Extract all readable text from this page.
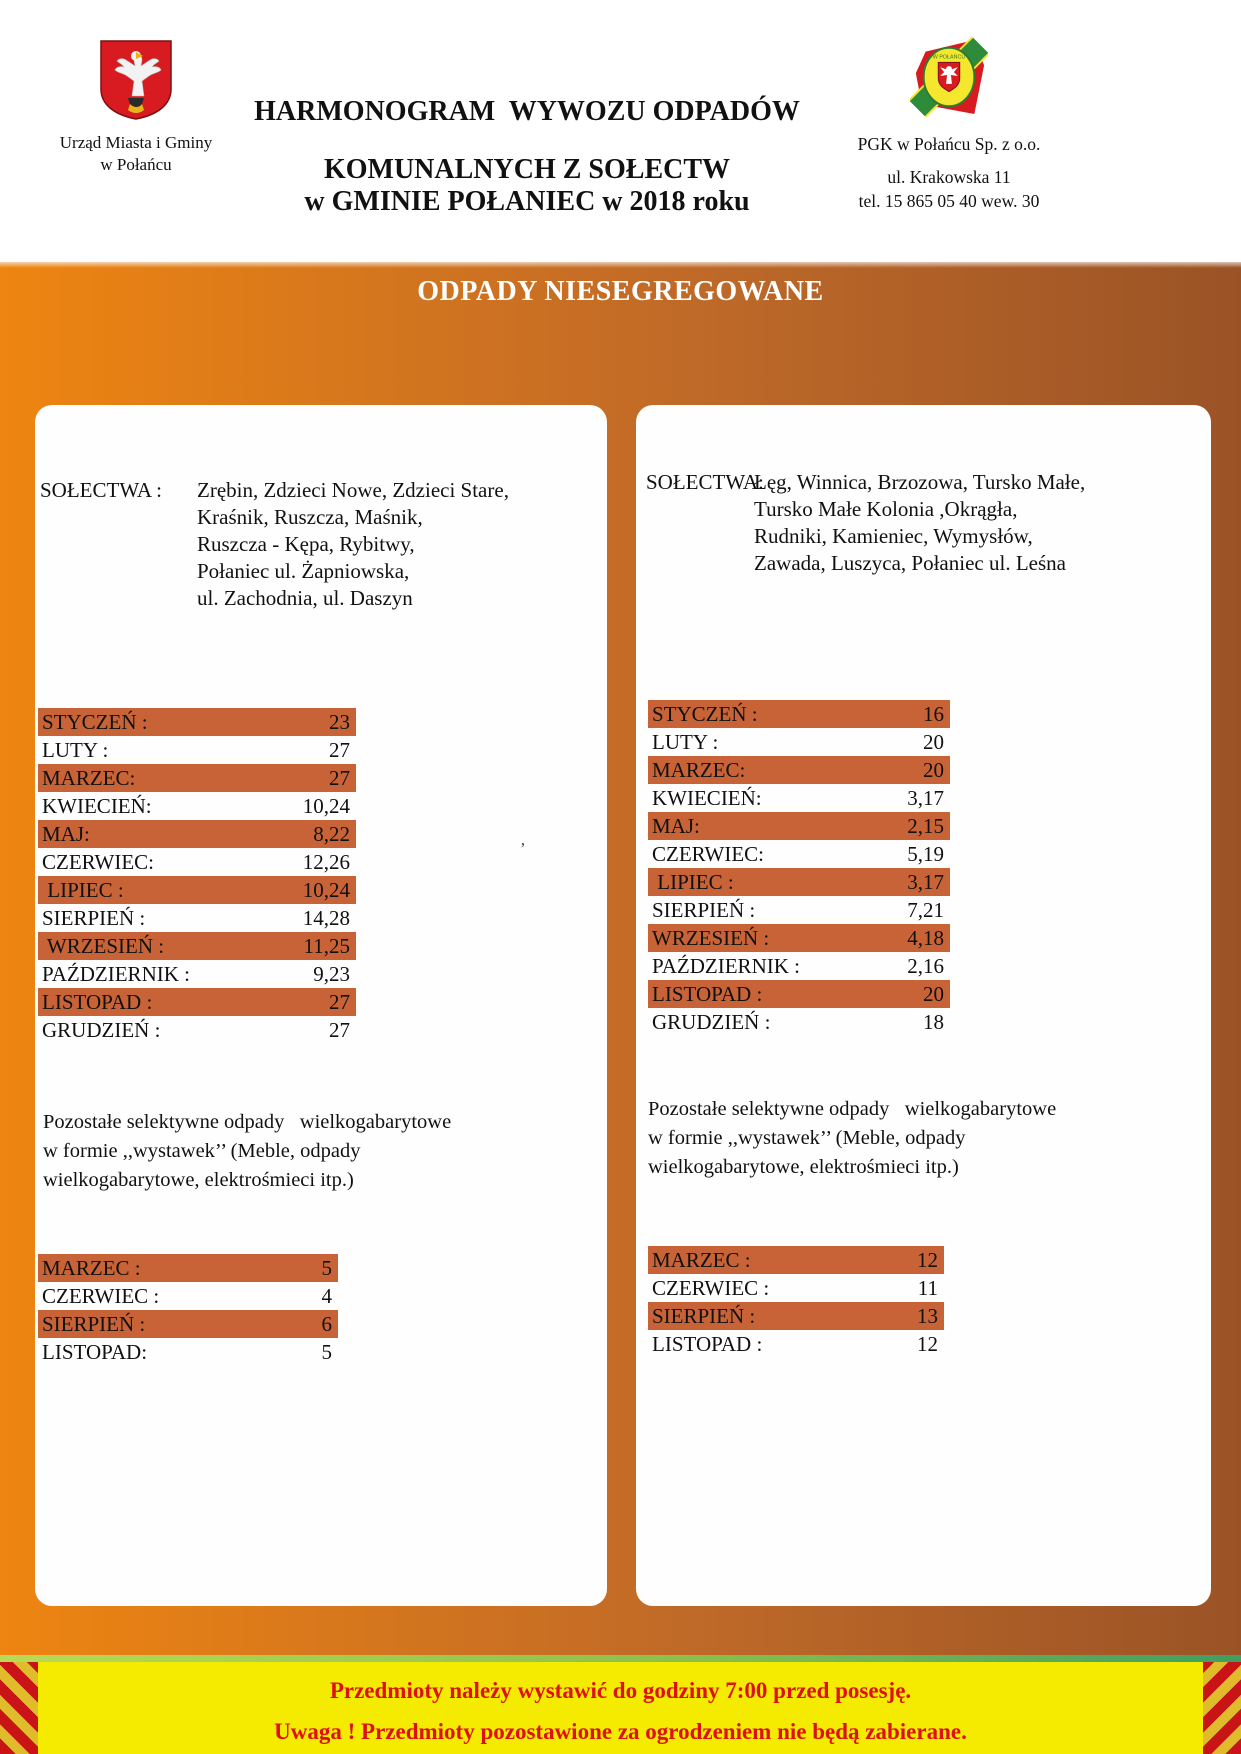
Urząd Miasta i Gminy
w Połańcu
HARMONOGRAM  WYWOZU ODPADÓW
KOMUNALNYCH Z SOŁECTW
w GMINIE POŁANIEC w 2018 roku
W POŁAŃCU
PGK w Połańcu Sp. z o.o.
ul. Krakowska 11
tel. 15 865 05 40 wew. 30
ODPADY NIESEGREGOWANE
SOŁECTWA :	Zrębin, Zdzieci Nowe, Zdzieci Stare,
Kraśnik, Ruszcza, Maśnik,
Ruszcza - Kępa, Rybitwy,
Połaniec ul. Żapniowska,
ul. Zachodnia, ul. Daszyn
STYCZEŃ :	23
LUTY :	27
MARZEC:	27
KWIECIEŃ:	10,24
MAJ:	8,22
CZERWIEC:	12,26
LIPIEC :	10,24
SIERPIEŃ :	14,28
WRZESIEŃ :	11,25
PAŹDZIERNIK :	9,23
LISTOPAD :	27
GRUDZIEŃ :	27
Pozostałe selektywne odpady   wielkogabarytowe
w formie ,,wystawek’’ (Meble, odpady
wielkogabarytowe, elektrośmieci itp.)
MARZEC :	5
CZERWIEC :	4
SIERPIEŃ :	6
LISTOPAD:	5
SOŁECTWA:
Łęg, Winnica, Brzozowa, Tursko Małe,
Tursko Małe Kolonia ,Okrągła,
Rudniki, Kamieniec, Wymysłów,
Zawada, Luszyca, Połaniec ul. Leśna
STYCZEŃ :	16
LUTY :	20
MARZEC:	20
KWIECIEŃ:	3,17
MAJ:	2,15
CZERWIEC:	5,19
LIPIEC :	3,17
SIERPIEŃ :	7,21
WRZESIEŃ :	4,18
PAŹDZIERNIK :	2,16
LISTOPAD :	20
GRUDZIEŃ :	18
Pozostałe selektywne odpady   wielkogabarytowe
w formie ,,wystawek’’ (Meble, odpady
wielkogabarytowe, elektrośmieci itp.)
MARZEC :	12
CZERWIEC :	11
SIERPIEŃ :	13
LISTOPAD :	12
‚

Przedmioty należy wystawić do godziny 7:00 przed posesję.

Uwaga ! Przedmioty pozostawione za ogrodzeniem nie będą zabierane.
